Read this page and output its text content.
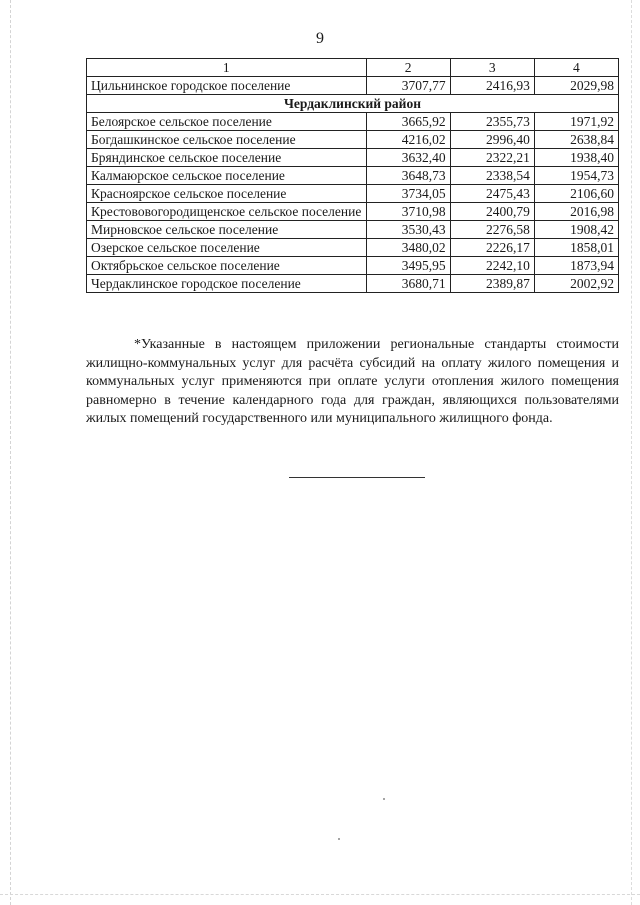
9
1	2	3	4
Цильнинское городское поселение	3707,77	2416,93	2029,98
Чердаклинский район			
Белоярское сельское поселение	3665,92	2355,73	1971,92
Богдашкинское сельское поселение	4216,02	2996,40	2638,84
Бряндинское сельское поселение	3632,40	2322,21	1938,40
Калмаюрское сельское поселение	3648,73	2338,54	1954,73
Красноярское сельское поселение	3734,05	2475,43	2106,60
Крестововогородищенское сельское поселение	3710,98	2400,79	2016,98
Мирновское сельское поселение	3530,43	2276,58	1908,42
Озерское сельское поселение	3480,02	2226,17	1858,01
Октябрьское сельское поселение	3495,95	2242,10	1873,94
Чердаклинское городское поселение	3680,71	2389,87	2002,92

*Указанные в настоящем приложении региональные стандарты стоимости жилищно-коммунальных услуг для расчёта субсидий на оплату жилого помещения и коммунальных услуг применяются при оплате услуги отопления жилого помещения равномерно в течение календарного года для граждан, являющихся пользователями жилых помещений государственного или муниципального жилищного фонда.
